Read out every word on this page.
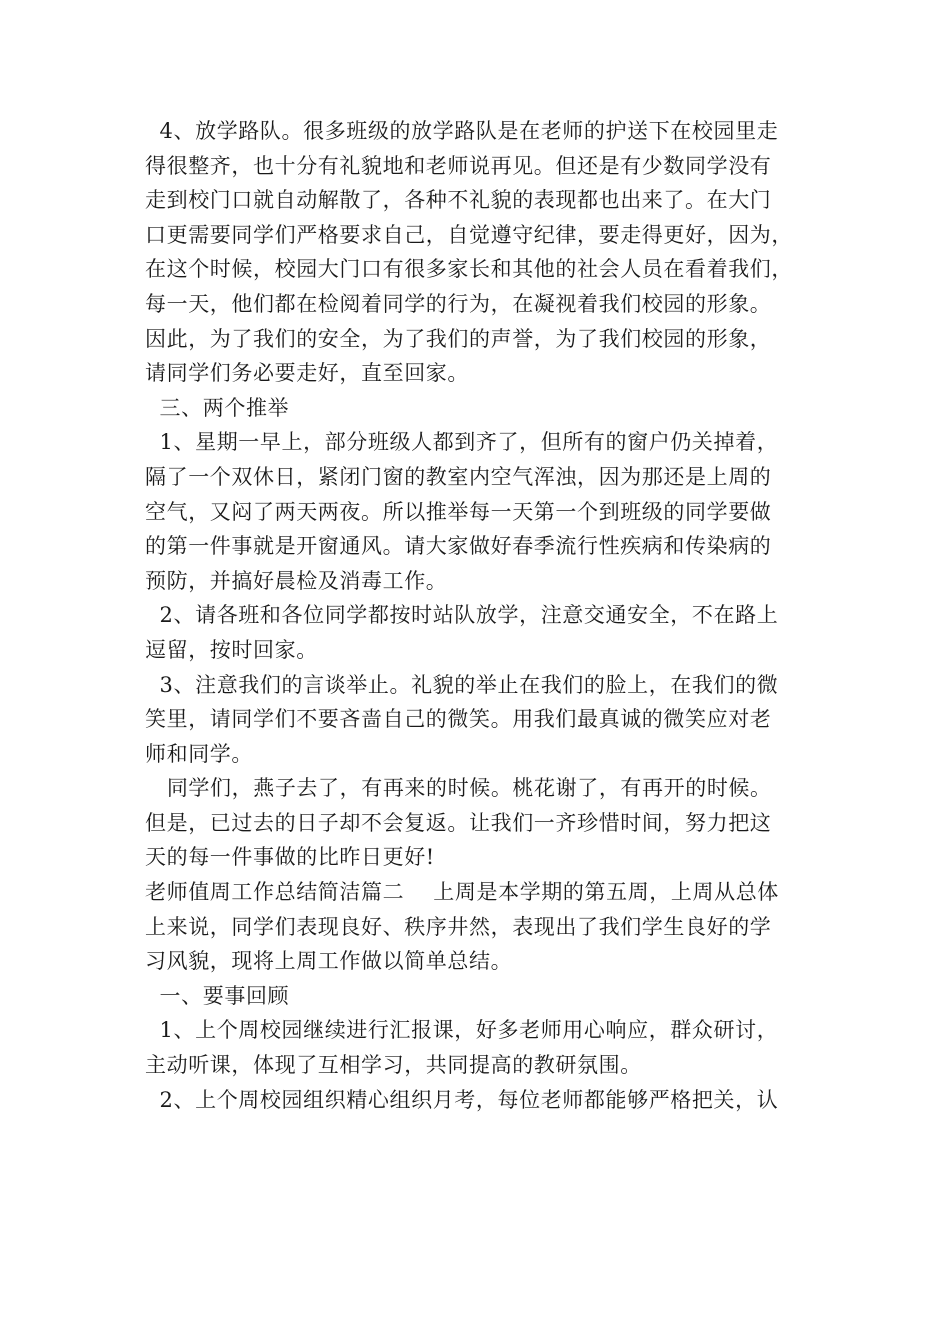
4、放学路队。很多班级的放学路队是在老师的护送下在校园里走
得很整齐，也十分有礼貌地和老师说再见。但还是有少数同学没有
走到校门口就自动解散了，各种不礼貌的表现都也出来了。在大门
口更需要同学们严格要求自己，自觉遵守纪律，要走得更好，因为，
在这个时候，校园大门口有很多家长和其他的社会人员在看着我们，
每一天，他们都在检阅着同学的行为，在凝视着我们校园的形象。
因此，为了我们的安全，为了我们的声誉，为了我们校园的形象，
请同学们务必要走好，直至回家。

三、两个推举

1、星期一早上，部分班级人都到齐了，但所有的窗户仍关掉着，
隔了一个双休日，紧闭门窗的教室内空气浑浊，因为那还是上周的
空气，又闷了两天两夜。所以推举每一天第一个到班级的同学要做
的第一件事就是开窗通风。请大家做好春季流行性疾病和传染病的
预防，并搞好晨检及消毒工作。

2、请各班和各位同学都按时站队放学，注意交通安全，不在路上
逗留，按时回家。

3、注意我们的言谈举止。礼貌的举止在我们的脸上，在我们的微
笑里，请同学们不要吝啬自己的微笑。用我们最真诚的微笑应对老
师和同学。

同学们，燕子去了，有再来的时候。桃花谢了，有再开的时候。
但是，已过去的日子却不会复返。让我们一齐珍惜时间，努力把这
天的每一件事做的比昨日更好!

老师值周工作总结简洁篇二    上周是本学期的第五周，上周从总体
上来说，同学们表现良好、秩序井然，表现出了我们学生良好的学
习风貌，现将上周工作做以简单总结。

一、要事回顾

1、上个周校园继续进行汇报课，好多老师用心响应，群众研讨，
主动听课，体现了互相学习，共同提高的教研氛围。

2、上个周校园组织精心组织月考，每位老师都能够严格把关，认
